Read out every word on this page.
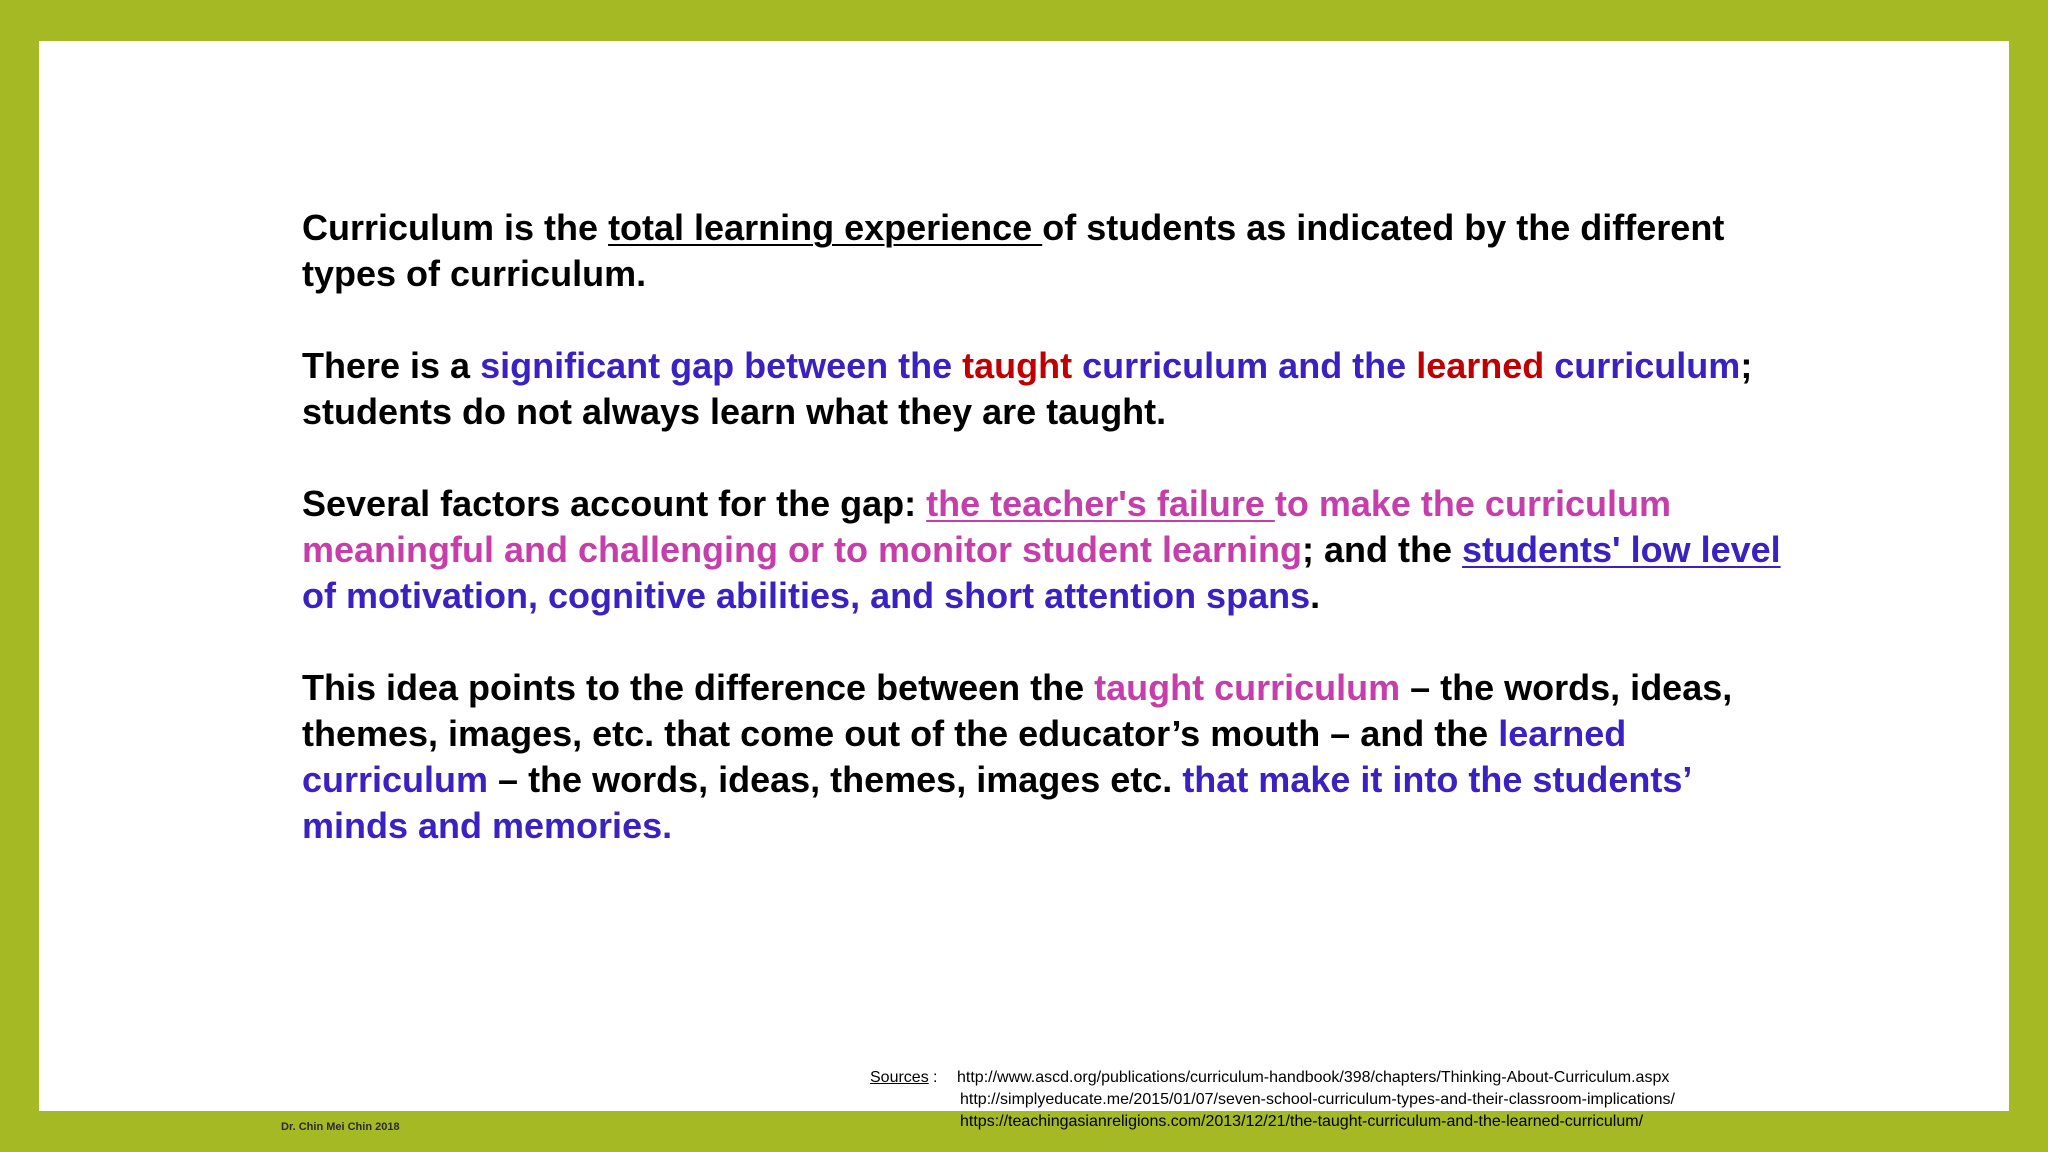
Curriculum is the total learning experience of students as indicated by the different types of curriculum.

There is a significant gap between the taught curriculum and the learned curriculum; students do not always learn what they are taught.

Several factors account for the gap: the teacher's failure to make the curriculum meaningful and challenging or to monitor student learning; and the students' low level of motivation, cognitive abilities, and short attention spans.

This idea points to the difference between the taught curriculum – the words, ideas, themes, images, etc. that come out of the educator’s mouth – and the learned curriculum – the words, ideas, themes, images etc. that make it into the students’ minds and memories.

Sources : http://www.ascd.org/publications/curriculum-handbook/398/chapters/Thinking-About-Curriculum.aspx
http://simplyeducate.me/2015/01/07/seven-school-curriculum-types-and-their-classroom-implications/
https://teachingasianreligions.com/2013/12/21/the-taught-curriculum-and-the-learned-curriculum/
Dr. Chin Mei Chin 2018
